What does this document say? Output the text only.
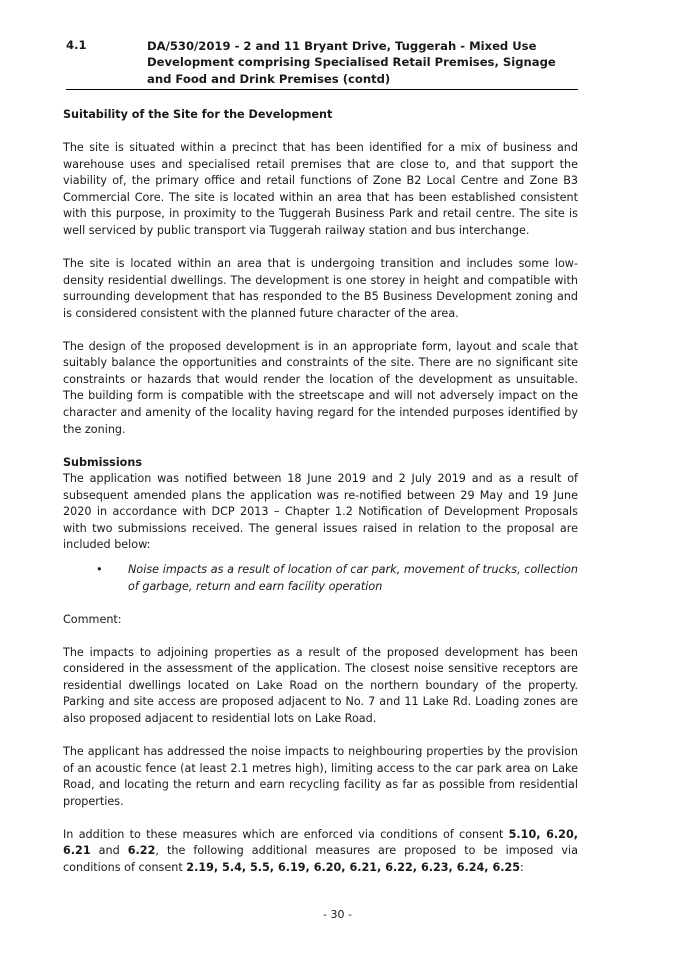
4.1	DA/530/2019 - 2 and 11 Bryant Drive, Tuggerah - Mixed Use Development comprising Specialised Retail Premises, Signage and Food and Drink Premises (contd)

Suitability of the Site for the Development

The site is situated within a precinct that has been identified for a mix of business and warehouse uses and specialised retail premises that are close to, and that support the viability of, the primary office and retail functions of Zone B2 Local Centre and Zone B3 Commercial Core. The site is located within an area that has been established consistent with this purpose, in proximity to the Tuggerah Business Park and retail centre. The site is well serviced by public transport via Tuggerah railway station and bus interchange.

The site is located within an area that is undergoing transition and includes some low-density residential dwellings. The development is one storey in height and compatible with surrounding development that has responded to the B5 Business Development zoning and is considered consistent with the planned future character of the area.

The design of the proposed development is in an appropriate form, layout and scale that suitably balance the opportunities and constraints of the site. There are no significant site constraints or hazards that would render the location of the development as unsuitable. The building form is compatible with the streetscape and will not adversely impact on the character and amenity of the locality having regard for the intended purposes identified by the zoning.

Submissions

The application was notified between 18 June 2019 and 2 July 2019 and as a result of subsequent amended plans the application was re-notified between 29 May and 19 June 2020 in accordance with DCP 2013 – Chapter 1.2 Notification of Development Proposals with two submissions received. The general issues raised in relation to the proposal are included below:

• Noise impacts as a result of location of car park, movement of trucks, collection of garbage, return and earn facility operation

Comment:

The impacts to adjoining properties as a result of the proposed development has been considered in the assessment of the application. The closest noise sensitive receptors are residential dwellings located on Lake Road on the northern boundary of the property. Parking and site access are proposed adjacent to No. 7 and 11 Lake Rd. Loading zones are also proposed adjacent to residential lots on Lake Road.

The applicant has addressed the noise impacts to neighbouring properties by the provision of an acoustic fence (at least 2.1 metres high), limiting access to the car park area on Lake Road, and locating the return and earn recycling facility as far as possible from residential properties.

In addition to these measures which are enforced via conditions of consent 5.10, 6.20, 6.21 and 6.22, the following additional measures are proposed to be imposed via conditions of consent 2.19, 5.4, 5.5, 6.19, 6.20, 6.21, 6.22, 6.23, 6.24, 6.25:

- 30 -
